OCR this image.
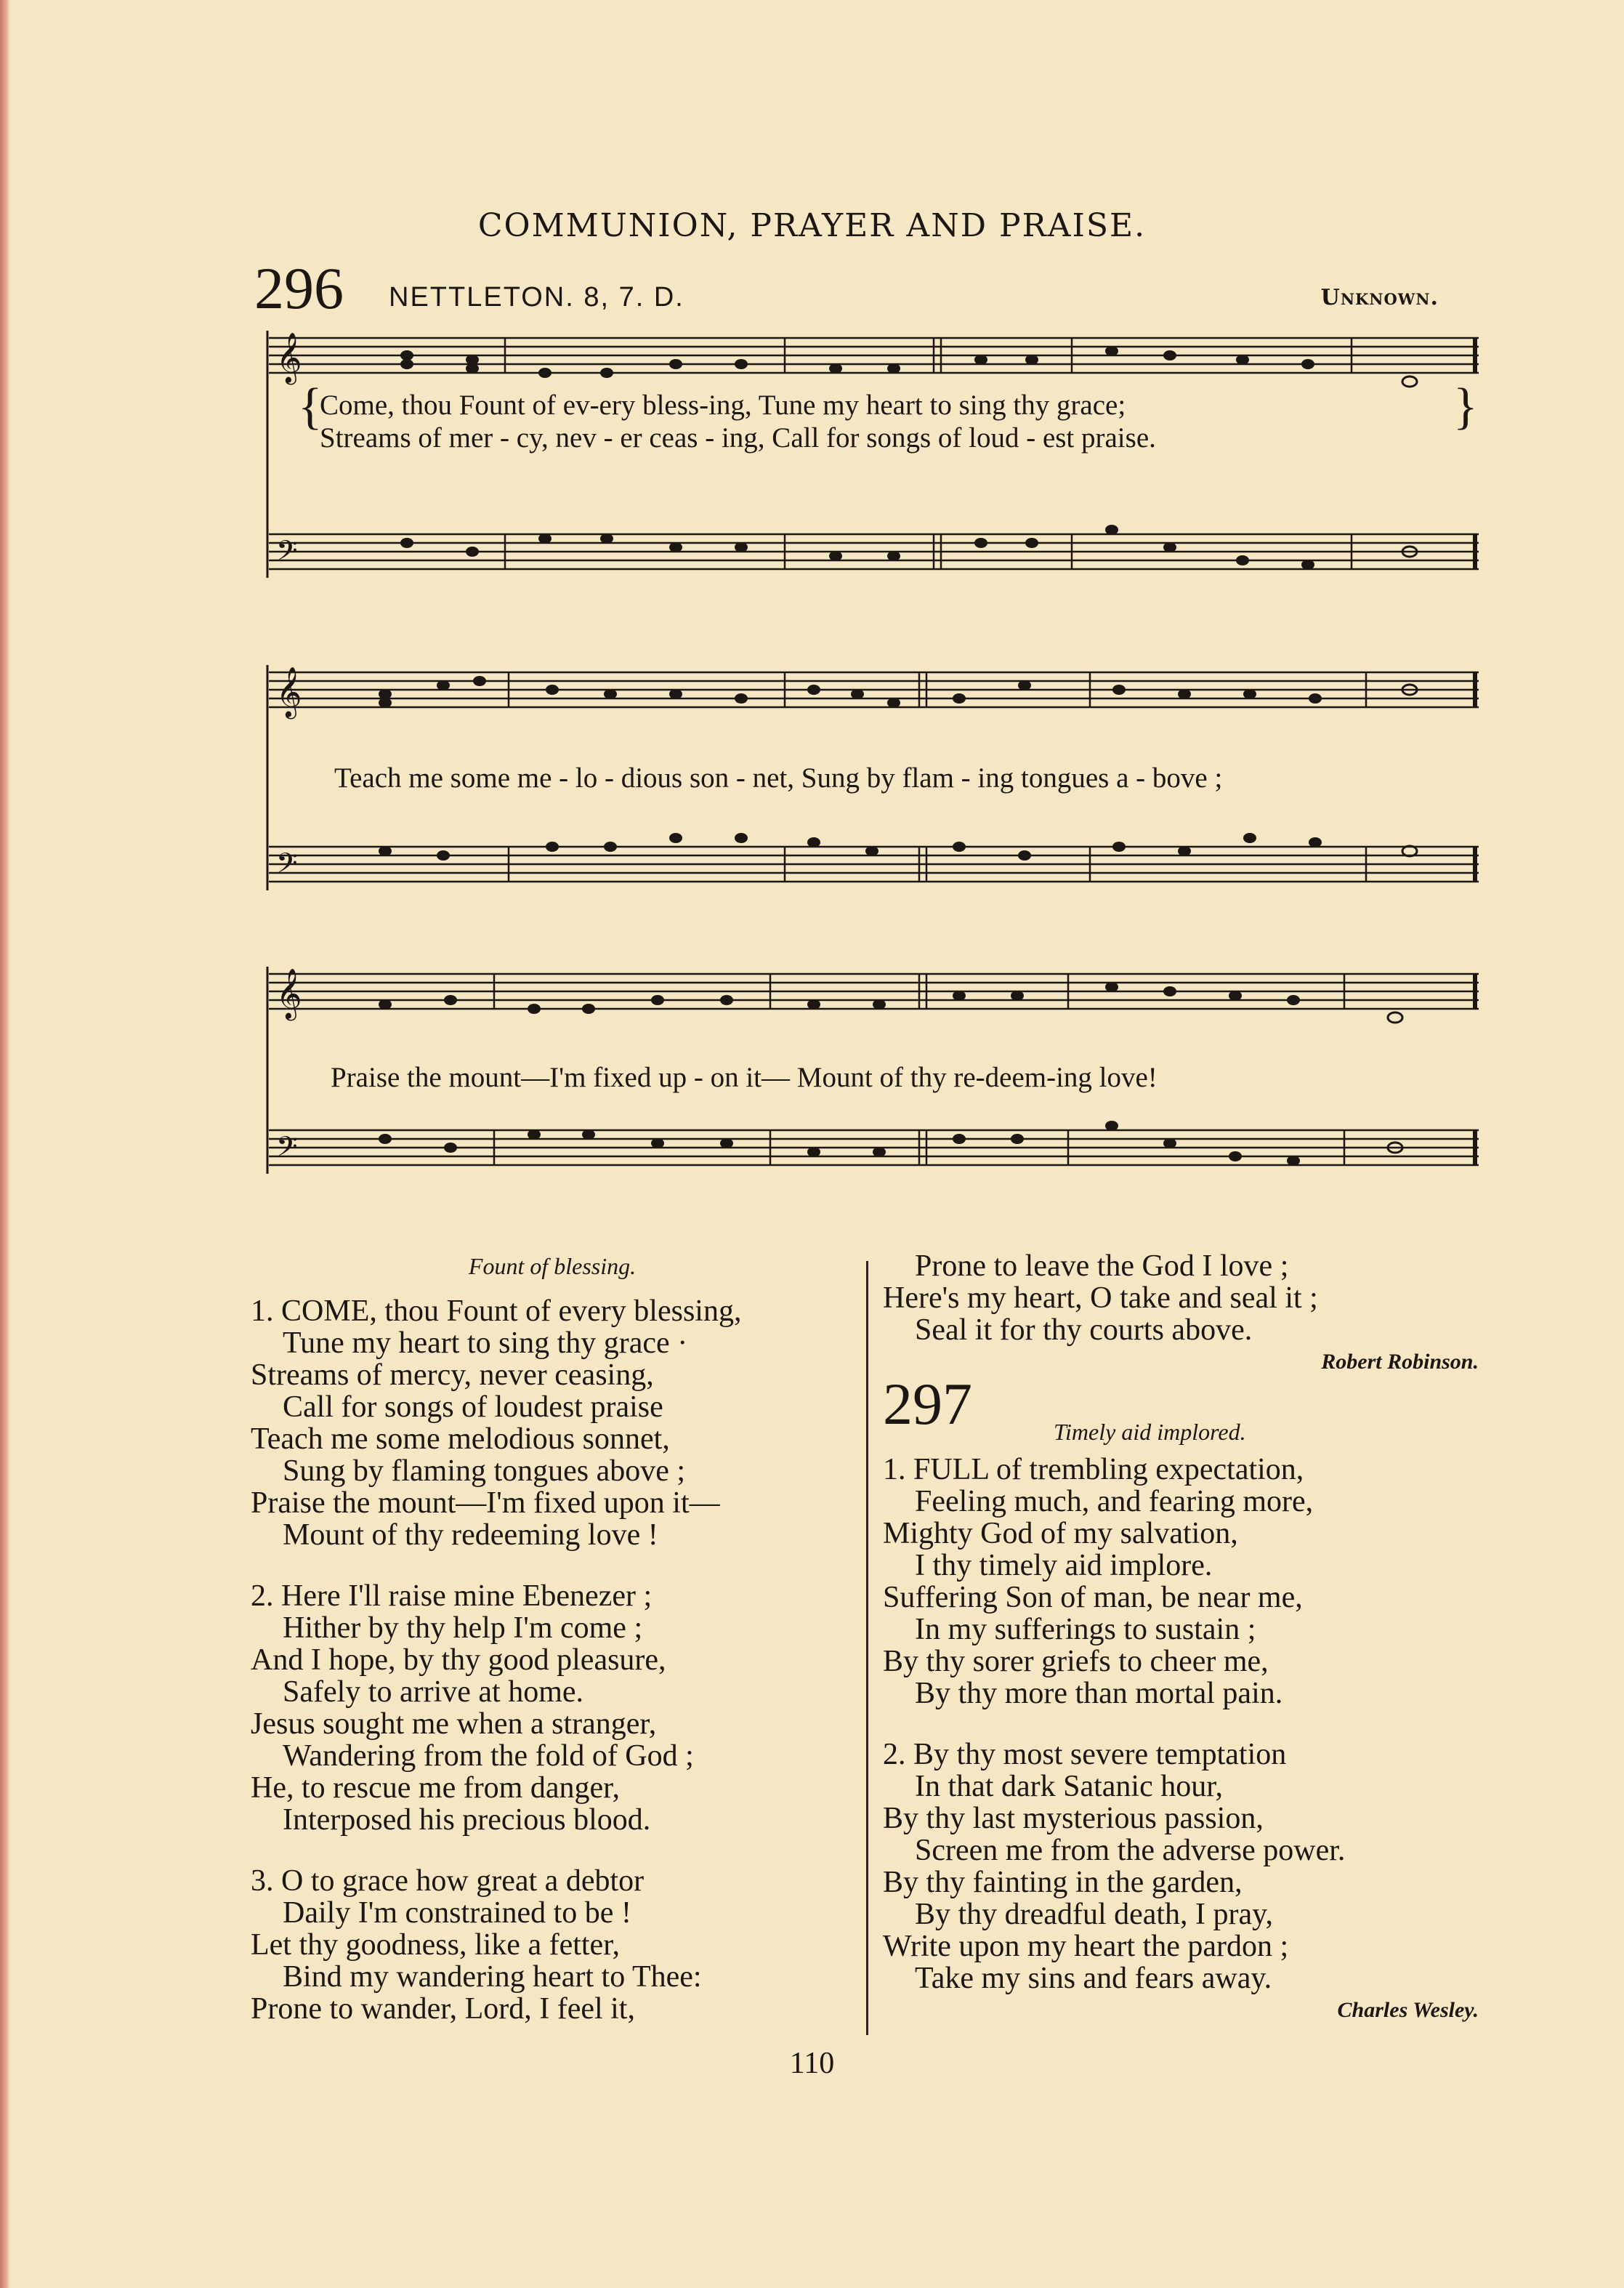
COMMUNION, PRAYER AND PRAISE.
296 NETTLETON. 8, 7. D.	Unknown.
𝄞
𝄢
{
Come, thou Fount of ev-ery bless-ing, Tune my heart to sing thy grace;
Streams of mer - cy, nev - er ceas - ing, Call for songs of loud - est praise.
}
𝄞
𝄢
Teach me some me - lo - dious son - net, Sung by flam - ing tongues a - bove ;
𝄞
𝄢
Praise the mount—I'm fixed up - on it— Mount of thy re-deem-ing love!
Fount of blessing.
1. COME, thou Fount of every blessing,
Tune my heart to sing thy grace ·
Streams of mercy, never ceasing,
Call for songs of loudest praise
Teach me some melodious sonnet,
Sung by flaming tongues above ;
Praise the mount—I'm fixed upon it—
Mount of thy redeeming love !
2. Here I'll raise mine Ebenezer ;
Hither by thy help I'm come ;
And I hope, by thy good pleasure,
Safely to arrive at home.
Jesus sought me when a stranger,
Wandering from the fold of God ;
He, to rescue me from danger,
Interposed his precious blood.
3. O to grace how great a debtor
Daily I'm constrained to be !
Let thy goodness, like a fetter,
Bind my wandering heart to Thee:
Prone to wander, Lord, I feel it,
Prone to leave the God I love ;
Here's my heart, O take and seal it ;
Seal it for thy courts above.
Robert Robinson.
297	Timely aid implored.
1. FULL of trembling expectation,
Feeling much, and fearing more,
Mighty God of my salvation,
I thy timely aid implore.
Suffering Son of man, be near me,
In my sufferings to sustain ;
By thy sorer griefs to cheer me,
By thy more than mortal pain.
2. By thy most severe temptation
In that dark Satanic hour,
By thy last mysterious passion,
Screen me from the adverse power.
By thy fainting in the garden,
By thy dreadful death, I pray,
Write upon my heart the pardon ;
Take my sins and fears away.
Charles Wesley.
110
